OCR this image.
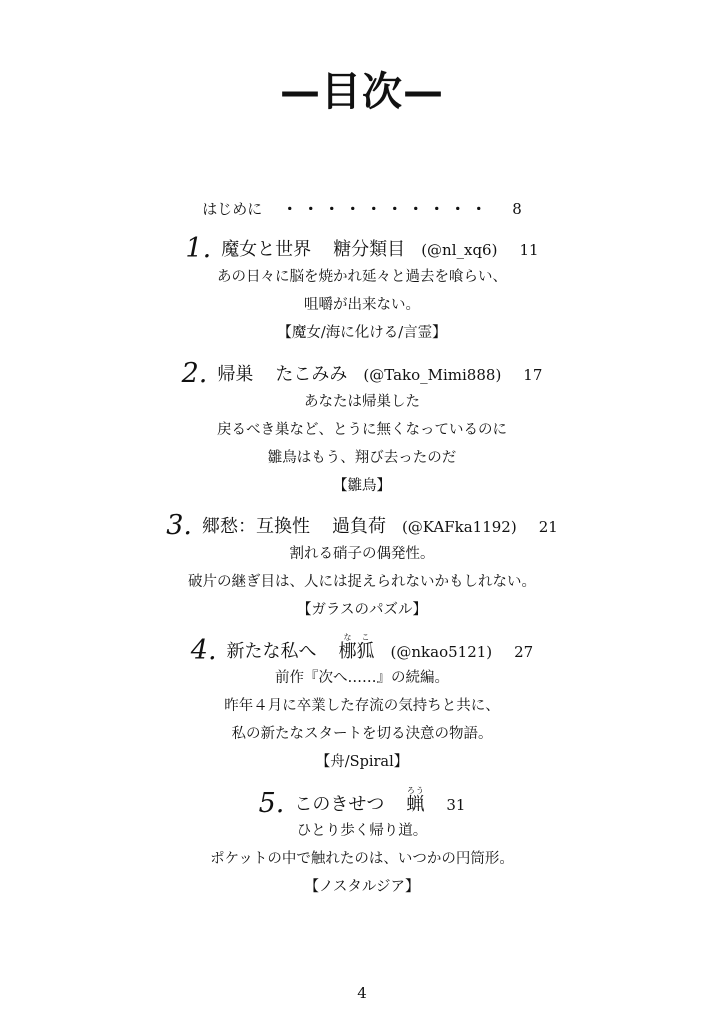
—目次—
はじめに ・・・・・・・・・・ 8
1. 魔女と世界 糖分類目 (@nl_xq6) 11
あの日々に脳を焼かれ延々と過去を喰らい、
咀嚼が出来ない。
【魔女/海に化ける/言霊】
2. 帰巣 たこみみ (@Tako_Mimi888) 17
あなたは帰巣した
戻るべき巣など、とうに無くなっているのに
雛鳥はもう、翔び去ったのだ
【雛鳥】
3. 郷愁：互換性 過負荷 (@KAFka1192) 21
割れる硝子の偶発性。
破片の継ぎ目は、人には捉えられないかもしれない。
【ガラスのパズル】
4. 新たな私へ 梛狐なこ(@nkao5121) 27
前作『次へ……』の続編。
昨年４月に卒業した存流の気持ちと共に、
私の新たなスタートを切る決意の物語。
【舟/Spiral】
5. このきせつ 蝋ろう31
ひとり歩く帰り道。
ポケットの中で触れたのは、いつかの円筒形。
【ノスタルジア】
4
